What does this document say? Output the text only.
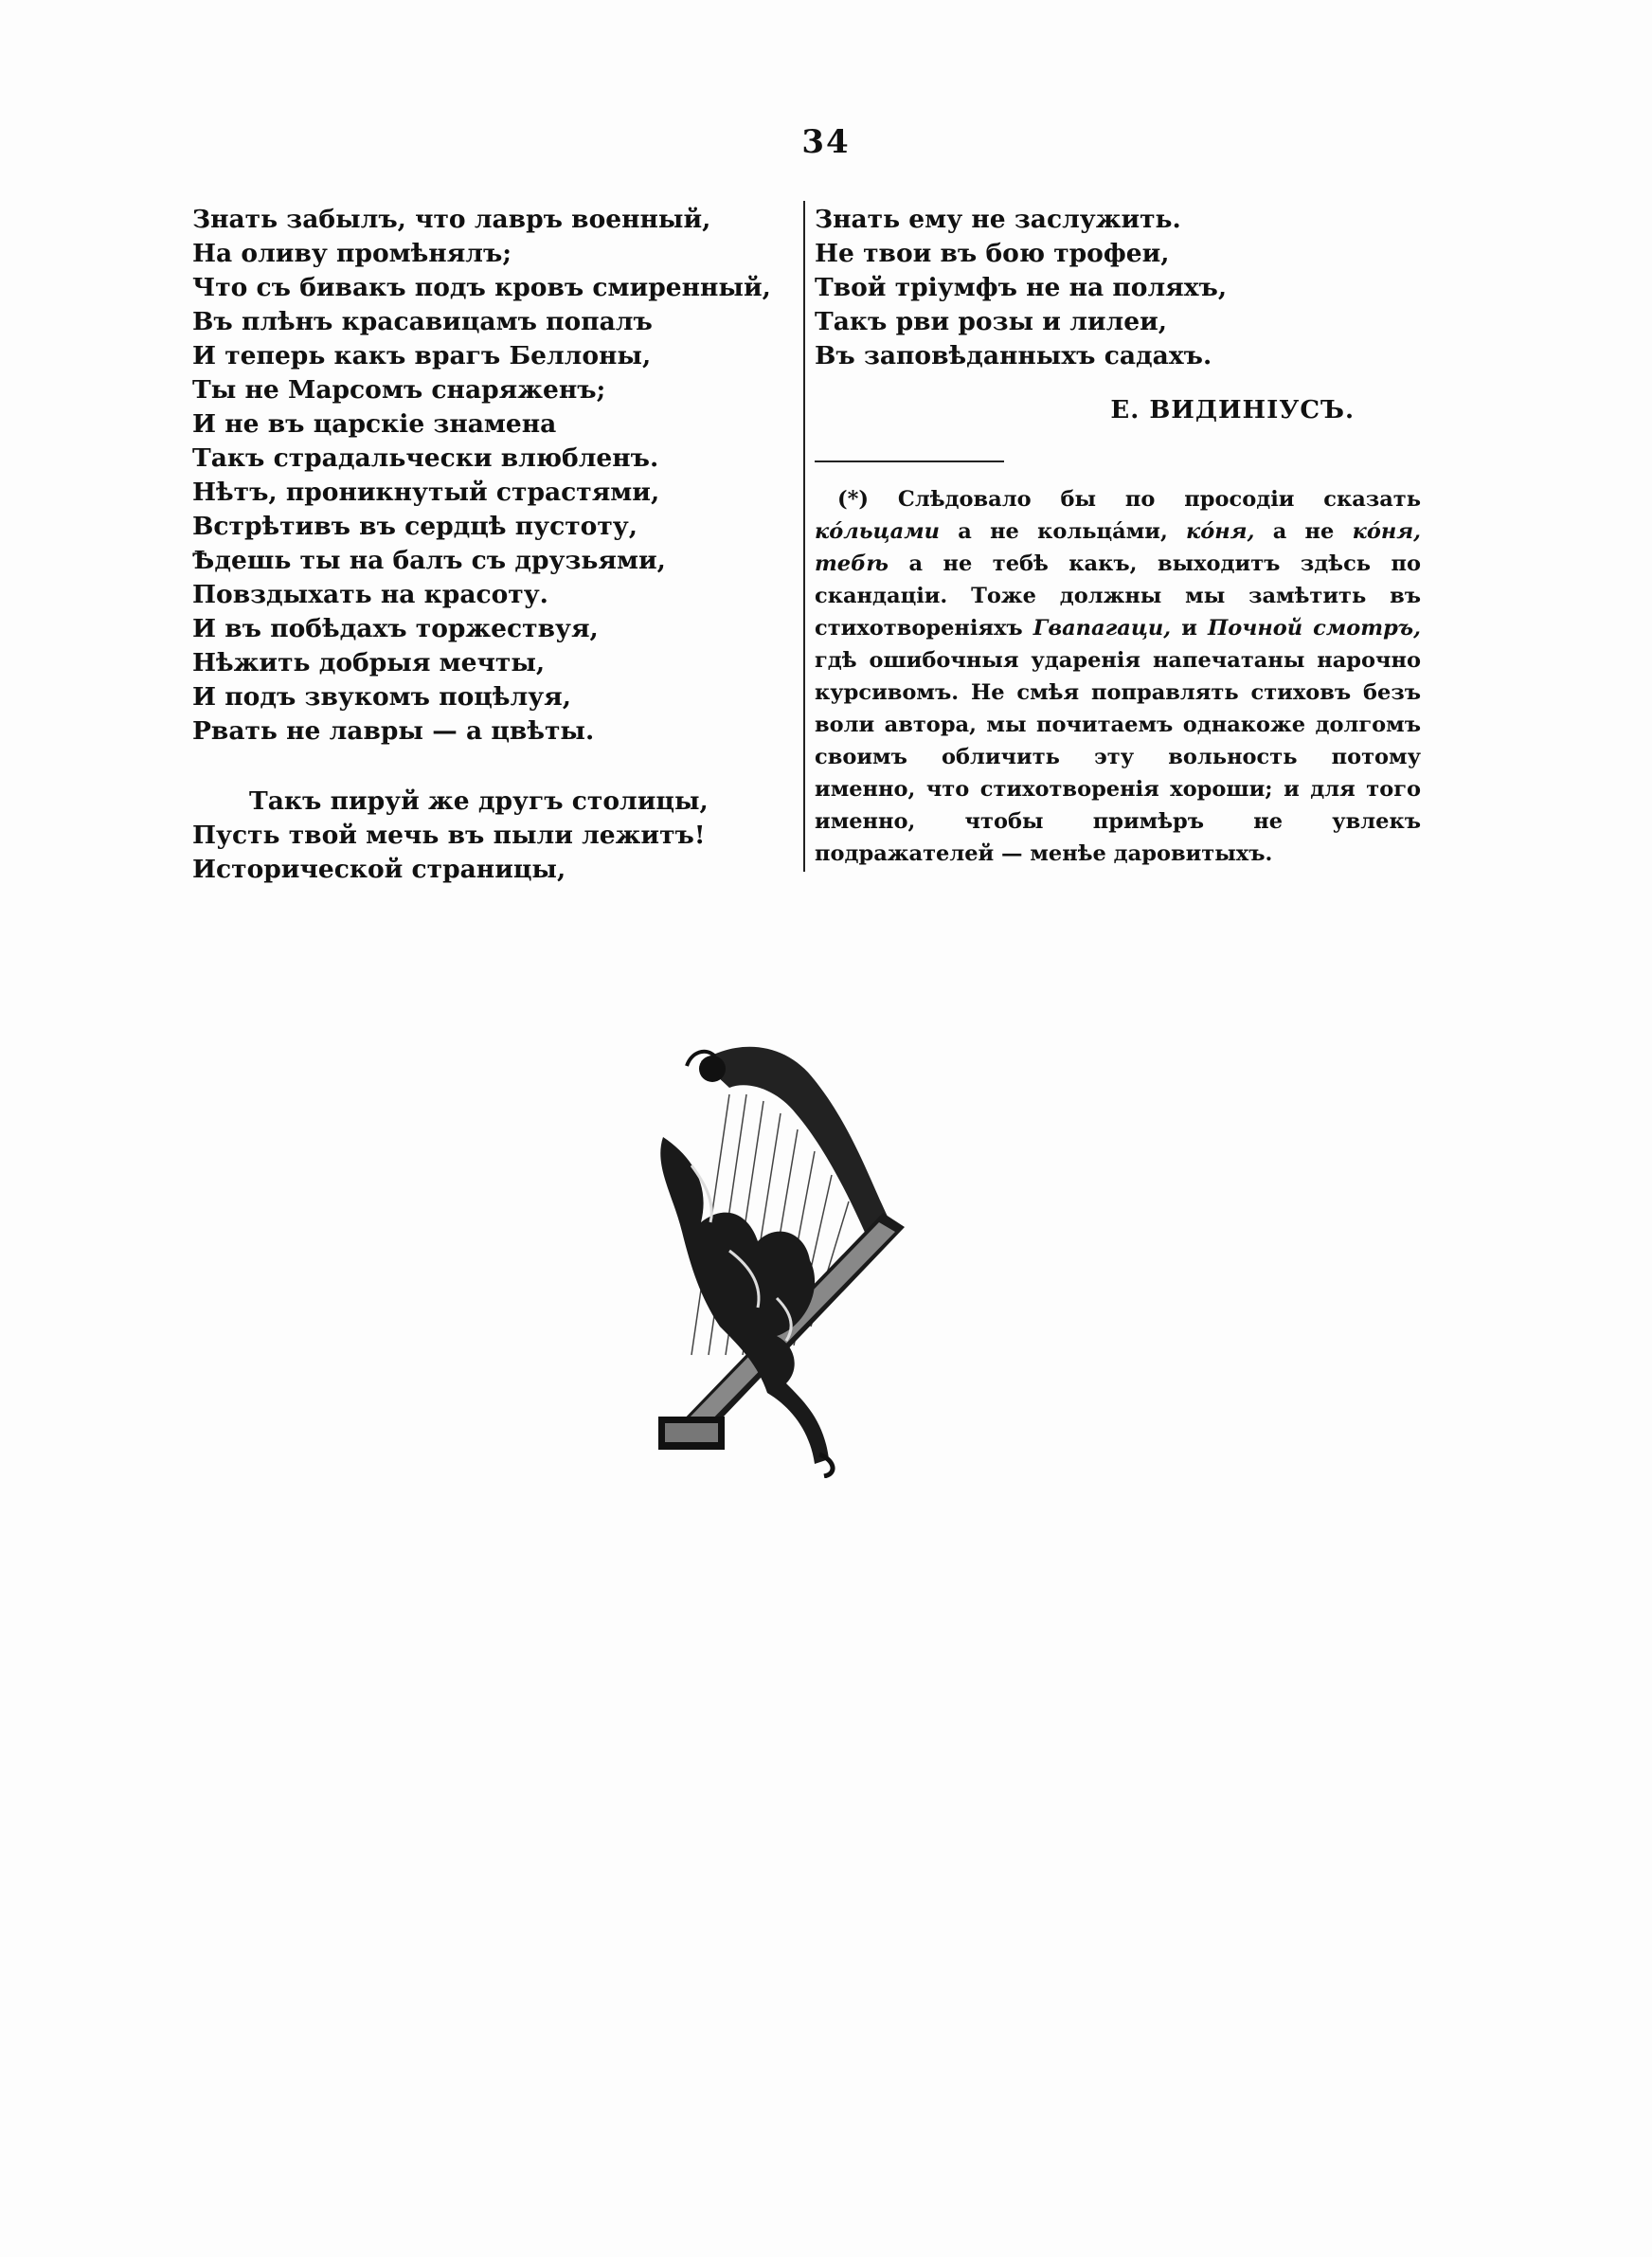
34
Знать забылъ, что лавръ военный,
На оливу промѣнялъ;
Что съ бивакъ подъ кровъ смиренный,
Въ плѣнъ красавицамъ попалъ
И теперь какъ врагъ Беллоны,
Ты не Марсомъ снаряженъ;
И не въ царскіе знамена
Такъ страдальчески влюбленъ.
Нѣтъ, проникнутый страстями,
Встрѣтивъ въ сердцѣ пустоту,
Ѣдешь ты на балъ съ друзьями,
Повздыхать на красоту.
И въ побѣдахъ торжествуя,
Нѣжить добрыя мечты,
И подъ звукомъ поцѣлуя,
Рвать не лавры — а цвѣты.
Такъ пируй же другъ столицы,
Пусть твой мечь въ пыли лежитъ!
Исторической страницы,
Знать ему не заслужить.
Не твои въ бою трофеи,
Твой тріумфъ не на поляхъ,
Такъ рви розы и лилеи,
Въ заповѣданныхъ садахъ.
Е. ВИДИНІУСЪ.
(*) Слѣдовало бы по просодіи сказать кóльцами а не кольцáми, кóня, а не кóня, тебѣ а не тебѣ какъ, выходитъ здѣсь по скандаціи. Тоже должны мы замѣтить въ стихотвореніяхъ Гвапагаци, и Почной смотръ, гдѣ ошибочныя ударенія напечатаны нарочно курсивомъ. Не смѣя поправлять стиховъ безъ воли автора, мы почитаемъ однакоже долгомъ своимъ обличить эту вольность потому именно, что стихотворенія хороши; и для того именно, чтобы примѣръ не увлекъ подражателей — менѣе даровитыхъ.
